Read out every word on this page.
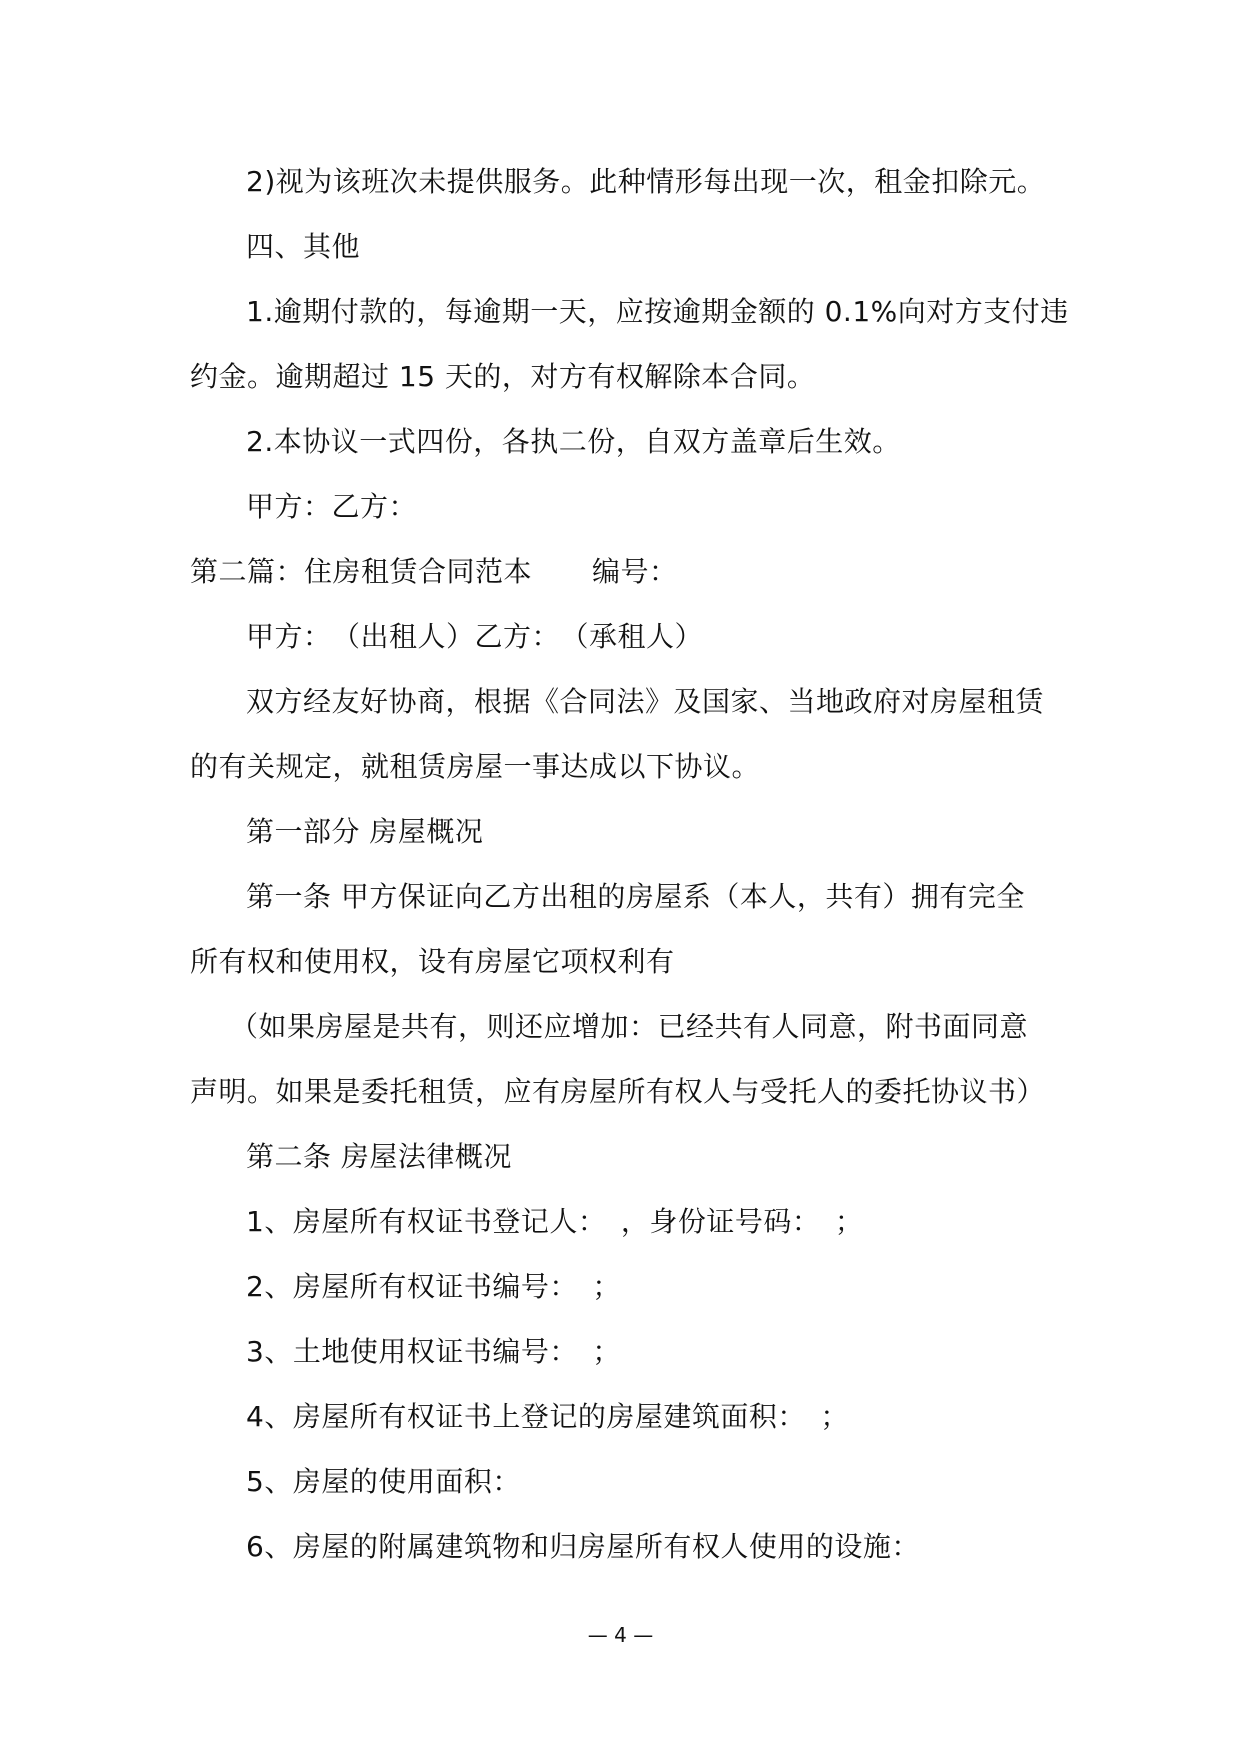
2)视为该班次未提供服务。此种情形每出现一次，租金扣除元。
四、其他
1.逾期付款的，每逾期一天，应按逾期金额的 0.1%向对方支付违
约金。逾期超过 15 天的，对方有权解除本合同。
2.本协议一式四份，各执二份，自双方盖章后生效。
甲方：乙方：
第二篇：住房租赁合同范本 编号：
甲方：　（出租人）乙方：　（承租人）
双方经友好协商，根据《合同法》及国家、当地政府对房屋租赁
的有关规定，就租赁房屋一事达成以下协议。
第一部分 房屋概况
第一条 甲方保证向乙方出租的房屋系（本人，共有）拥有完全
所有权和使用权，设有房屋它项权利有
（如果房屋是共有，则还应增加：已经共有人同意，附书面同意
声明。如果是委托租赁，应有房屋所有权人与受托人的委托协议书）
第二条 房屋法律概况
1、房屋所有权证书登记人：　，身份证号码：　；
2、房屋所有权证书编号：　；
3、土地使用权证书编号：　；
4、房屋所有权证书上登记的房屋建筑面积：　；
5、房屋的使用面积：
6、房屋的附属建筑物和归房屋所有权人使用的设施：
— 4 —
